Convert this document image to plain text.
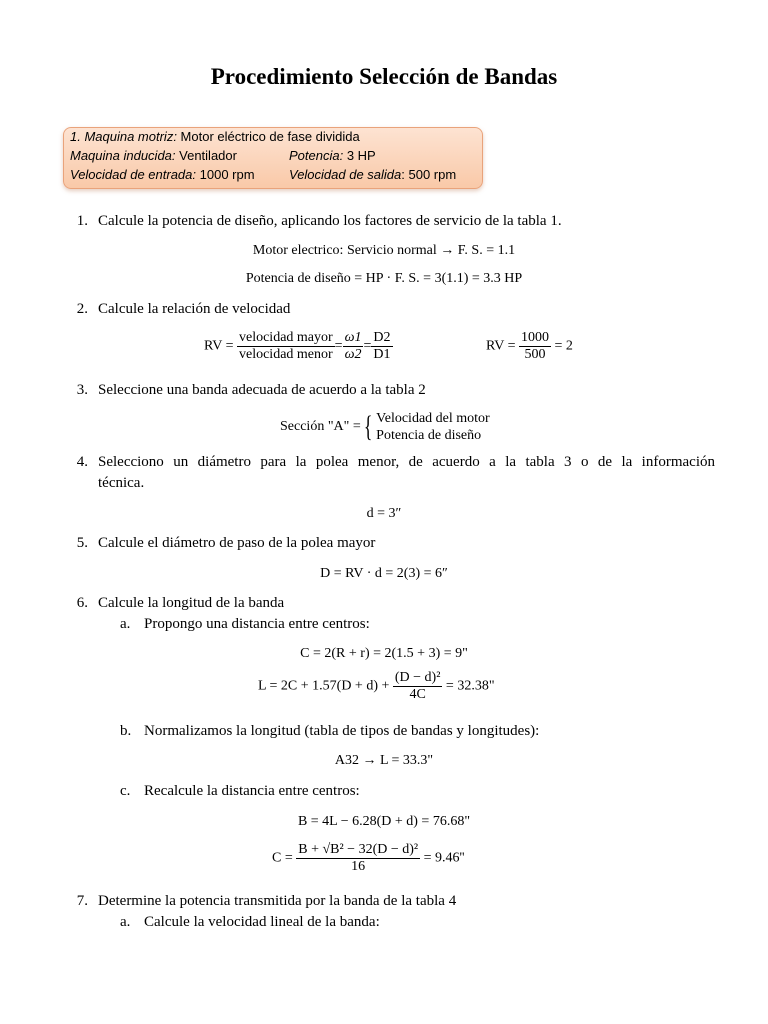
Procedimiento Selección de Bandas
1. Maquina motriz: Motor eléctrico de fase dividida
Maquina inducida: Ventilador	Potencia: 3 HP
Velocidad de entrada: 1000 rpm	Velocidad de salida: 500 rpm
1. Calcule la potencia de diseño, aplicando los factores de servicio de la tabla 1.
Motor electrico: Servicio normal → F. S. = 1.1
Potencia de diseño = HP · F. S. = 3(1.1) = 3.3 HP
2. Calcule la relación de velocidad
RV = $\frac{\text{velocidad mayor}}{\text{velocidad menor}} = \frac{\omega 1}{\omega 2} = \frac{D2}{D1}$	RV = $\frac{1000}{500} = 2$
3. Seleccione una banda adecuada de acuerdo a la tabla 2
Sección "A" = { Velocidad del motor
Potencia de diseño
4. Selecciono un diámetro para la polea menor, de acuerdo a la tabla 3 o de la información
técnica.
d = 3″
5. Calcule el diámetro de paso de la polea mayor
D = RV · d = 2(3) = 6″
6. Calcule la longitud de la banda
a. Propongo una distancia entre centros:
C = 2(R + r) = 2(1.5 + 3) = 9"
$L = 2C + 1.57(D + d) + \frac{\text{(D − d)²}}{4C} = 32.38$"
b. Normalizamos la longitud (tabla de tipos de bandas y longitudes):
A32 → L = 33.3"
c. Recalcule la distancia entre centros:
B = 4L − 6.28(D + d) = 76.68"
$C = \frac{\text{B + √B² − 32(D − d)²}}{16} = 9.46''$
7. Determine la potencia transmitida por la banda de la tabla 4
a. Calcule la velocidad lineal de la banda:
